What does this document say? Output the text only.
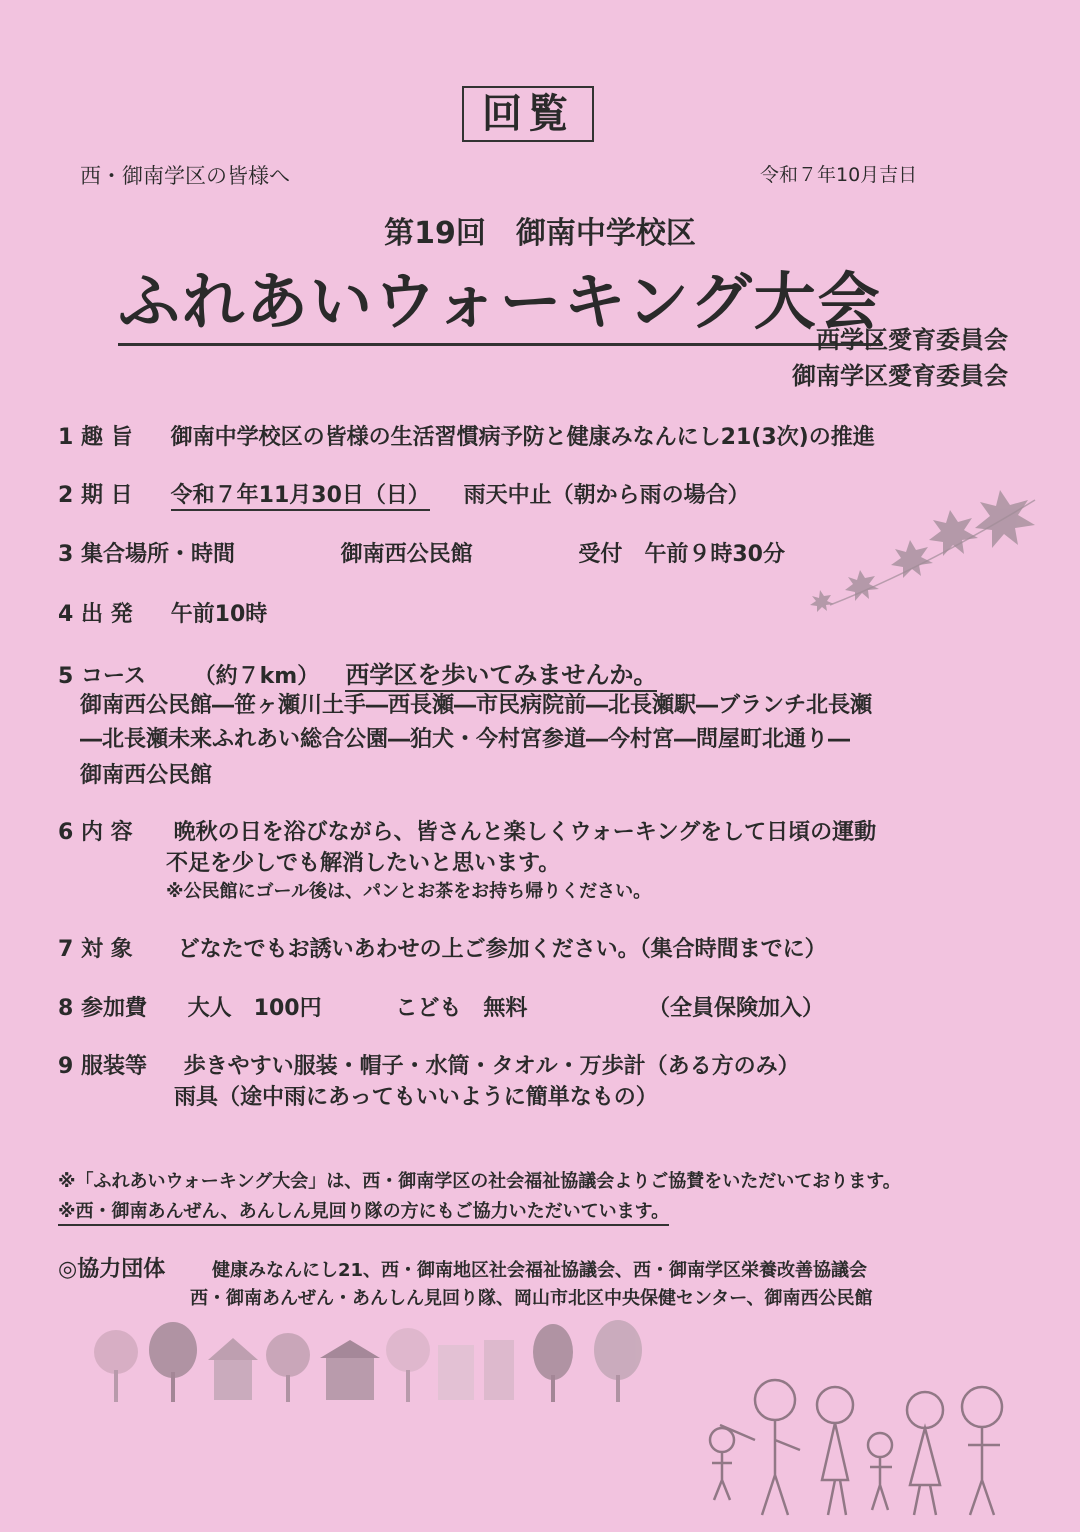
回覧
西・御南学区の皆様へ	令和７年10月吉日
第19回　御南中学校区
ふれあいウォーキング大会
西学区愛育委員会
御南学区愛育委員会
1 趣 旨 御南中学校区の皆様の生活習慣病予防と健康みなんにし21(3次)の推進
2 期 日 令和７年11月30日（日） 雨天中止（朝から雨の場合）
3 集合場所・時間	御南西公民館	受付　午前９時30分
4 出 発 午前10時
5 コース （約７km） 西学区を歩いてみませんか。
御南西公民館―笹ヶ瀬川土手―西長瀬―市民病院前―北長瀬駅―ブランチ北長瀬
―北長瀬未来ふれあい総合公園―狛犬・今村宮参道―今村宮―問屋町北通り―
御南西公民館
6 内 容 晩秋の日を浴びながら、皆さんと楽しくウォーキングをして日頃の運動
不足を少しでも解消したいと思います。
※公民館にゴール後は、パンとお茶をお持ち帰りください。
7 対 象 どなたでもお誘いあわせの上ご参加ください。（集合時間までに）
8 参加費 大人　100円	こども　無料	（全員保険加入）
9 服装等 歩きやすい服装・帽子・水筒・タオル・万歩計（ある方のみ）
雨具（途中雨にあってもいいように簡単なもの）
※「ふれあいウォーキング大会」は、西・御南学区の社会福祉協議会よりご協賛をいただいております。
※西・御南あんぜん、あんしん見回り隊の方にもご協力いただいています。
◎協力団体	健康みなんにし21、西・御南地区社会福祉協議会、西・御南学区栄養改善協議会
西・御南あんぜん・あんしん見回り隊、岡山市北区中央保健センター、御南西公民館
